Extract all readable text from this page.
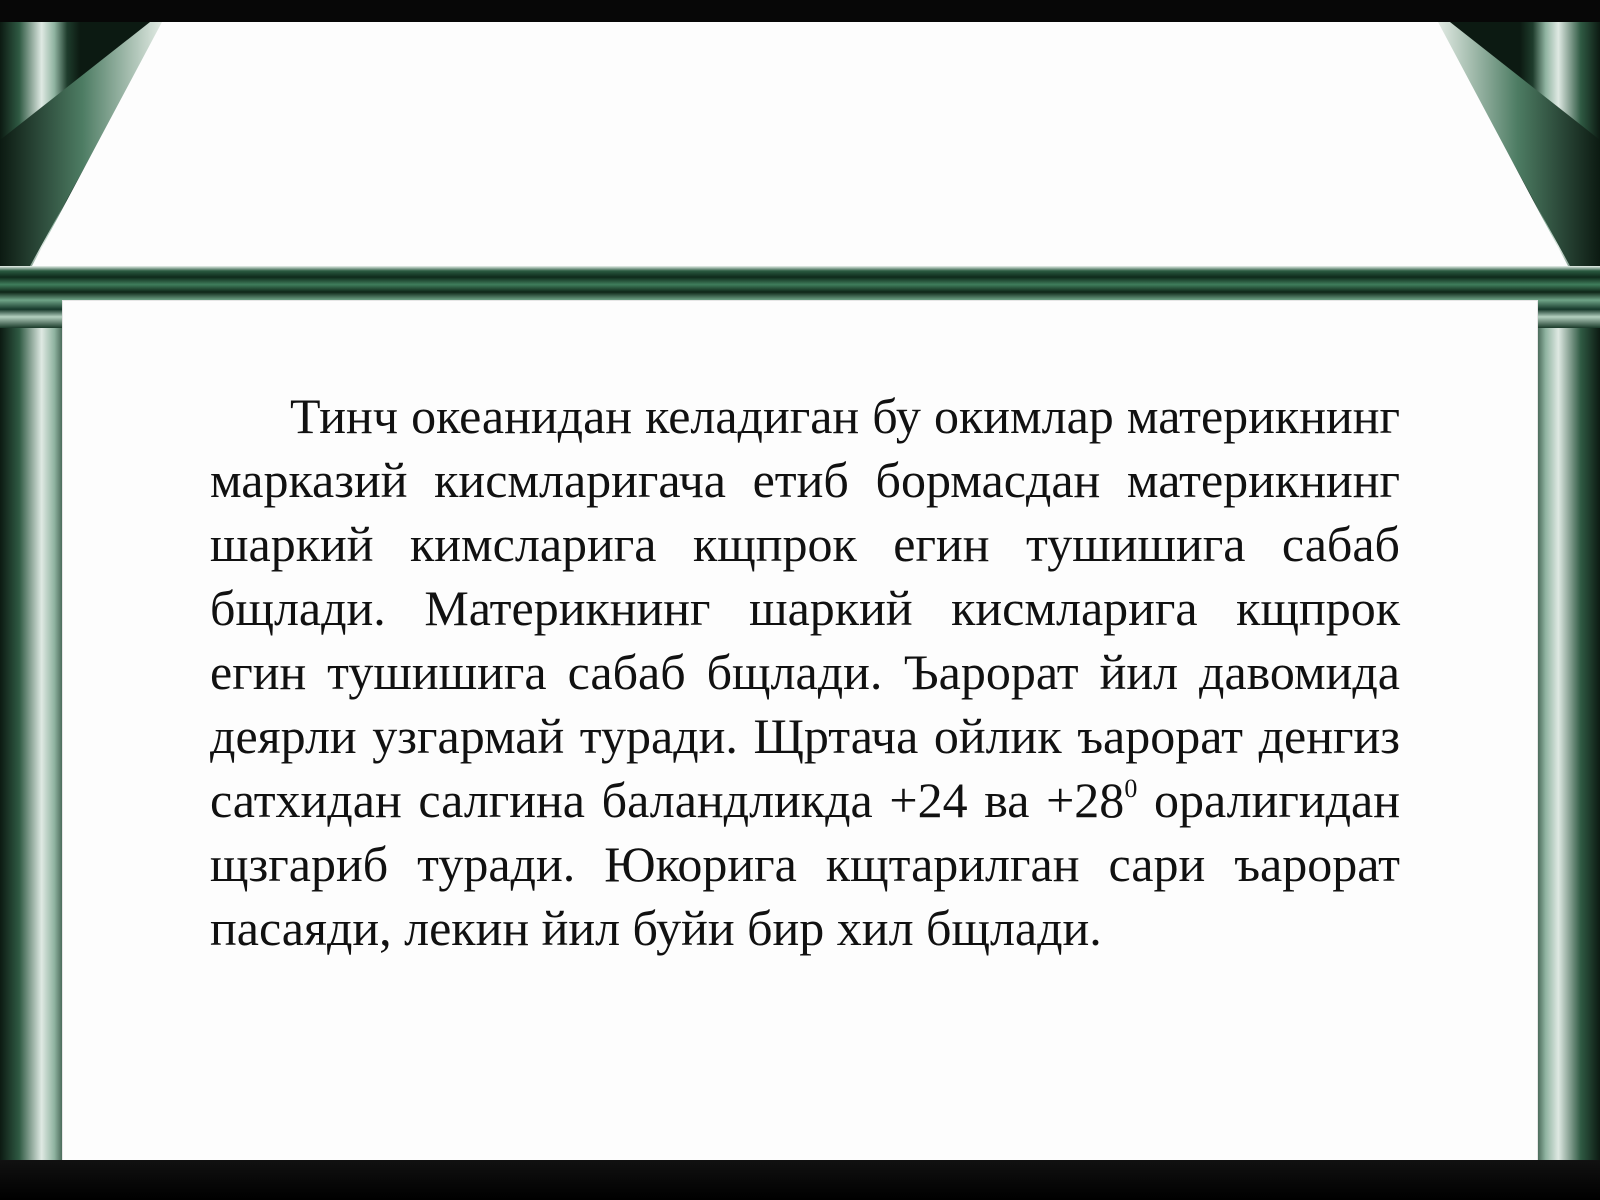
Тинч океанидан келадиган бу окимлар материкнинг марказий кисмларигача етиб бормасдан материкнинг шаркий кимсларига кщпрок егин тушишига сабаб бщлади. Материкнинг шаркий кисмларига кщпрок егин тушишига сабаб бщлади. Ъарорат йил давомида деярли узгармай туради. Щртача ойлик ъарорат денгиз сатхидан салгина баландликда +24 ва $+28^0$ оралигидан щзгариб туради. Юкорига кщтарилган сари ъарорат пасаяди, лекин йил буйи бир хил бщлади.
